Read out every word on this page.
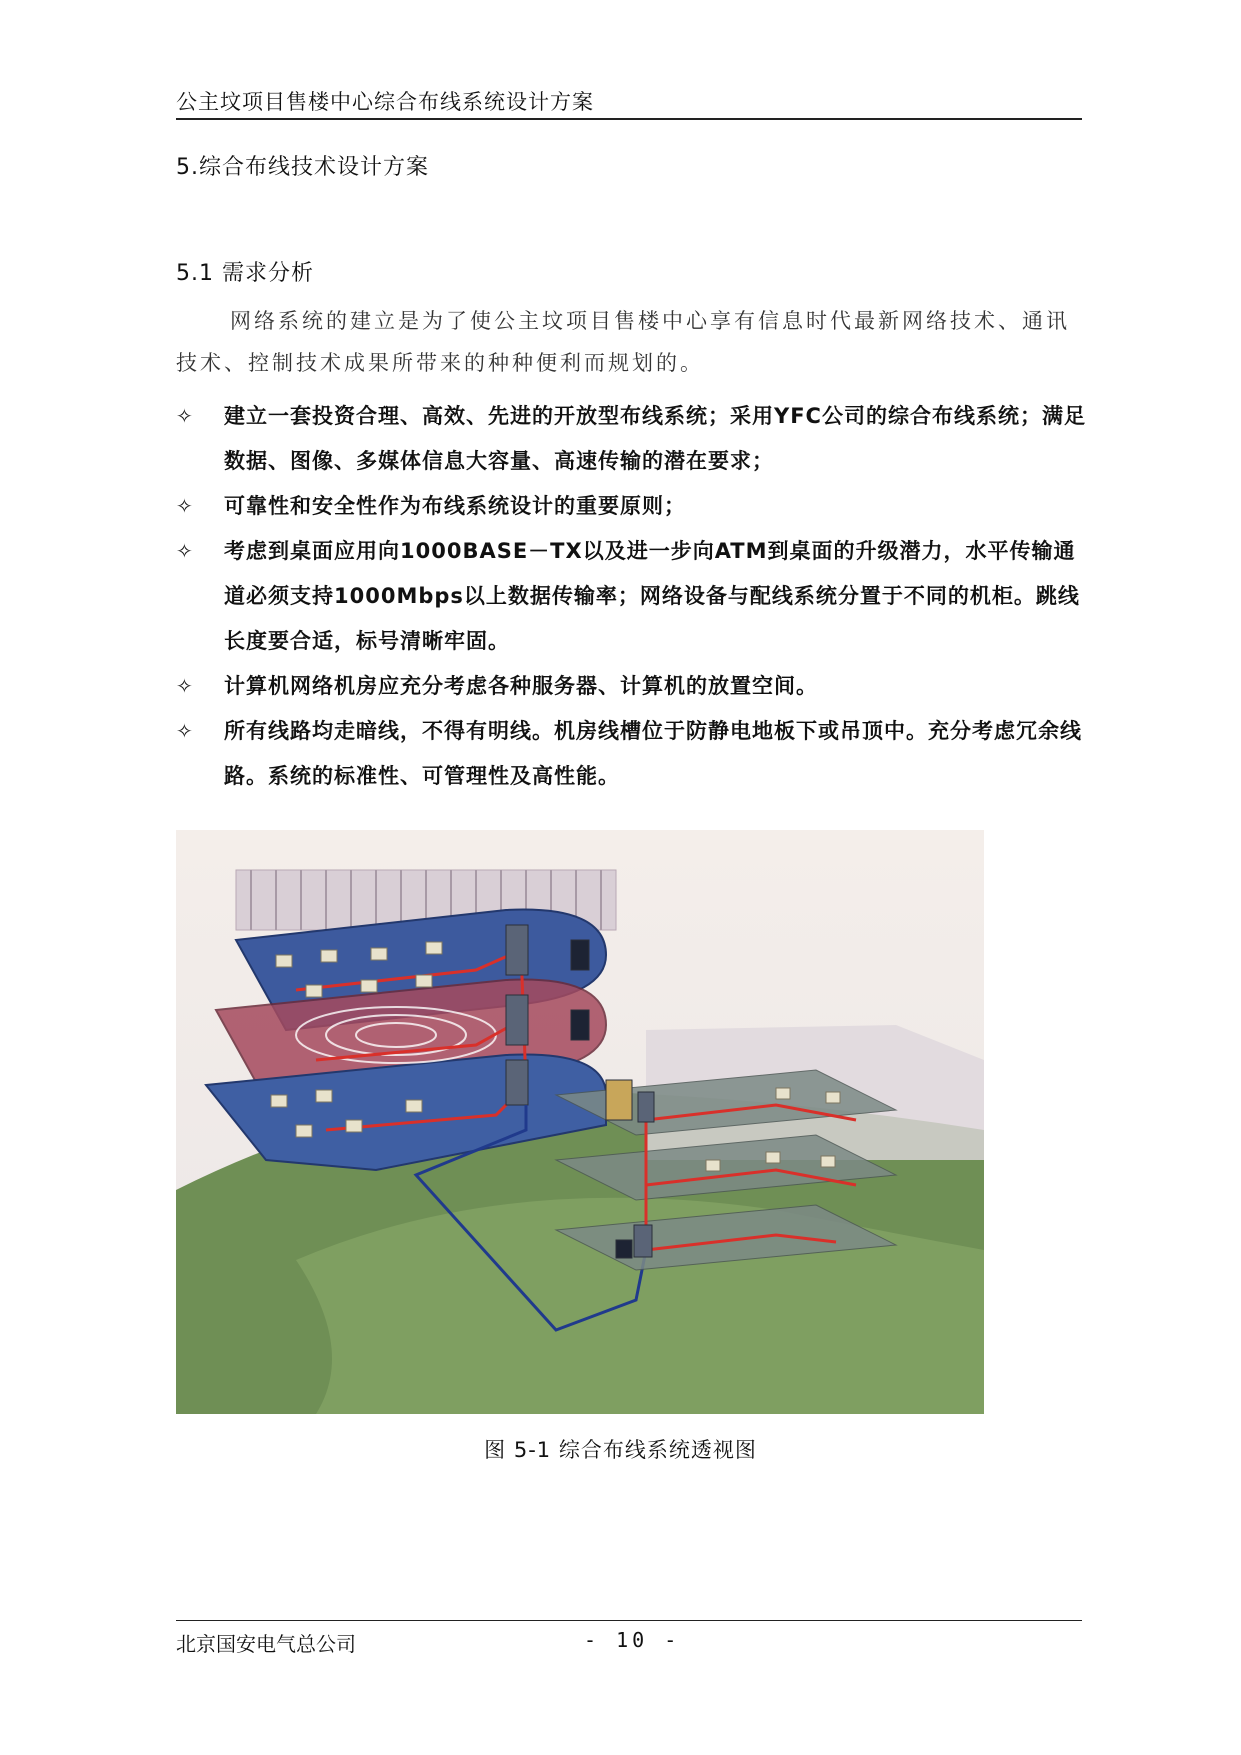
公主坟项目售楼中心综合布线系统设计方案
5.综合布线技术设计方案
5.1 需求分析
网络系统的建立是为了使公主坟项目售楼中心享有信息时代最新网络技术、通讯技术、控制技术成果所带来的种种便利而规划的。
✧ 建立一套投资合理、高效、先进的开放型布线系统；采用YFC公司的综合布线系统；满足数据、图像、多媒体信息大容量、高速传输的潜在要求；
✧ 可靠性和安全性作为布线系统设计的重要原则；
✧ 考虑到桌面应用向1000BASE－TX以及进一步向ATM到桌面的升级潜力，水平传输通道必须支持1000Mbps以上数据传输率；网络设备与配线系统分置于不同的机柜。跳线长度要合适，标号清晰牢固。
✧ 计算机网络机房应充分考虑各种服务器、计算机的放置空间。
✧ 所有线路均走暗线，不得有明线。机房线槽位于防静电地板下或吊顶中。充分考虑冗余线路。系统的标准性、可管理性及高性能。
图 5-1 综合布线系统透视图
北京国安电气总公司	- 10 -
